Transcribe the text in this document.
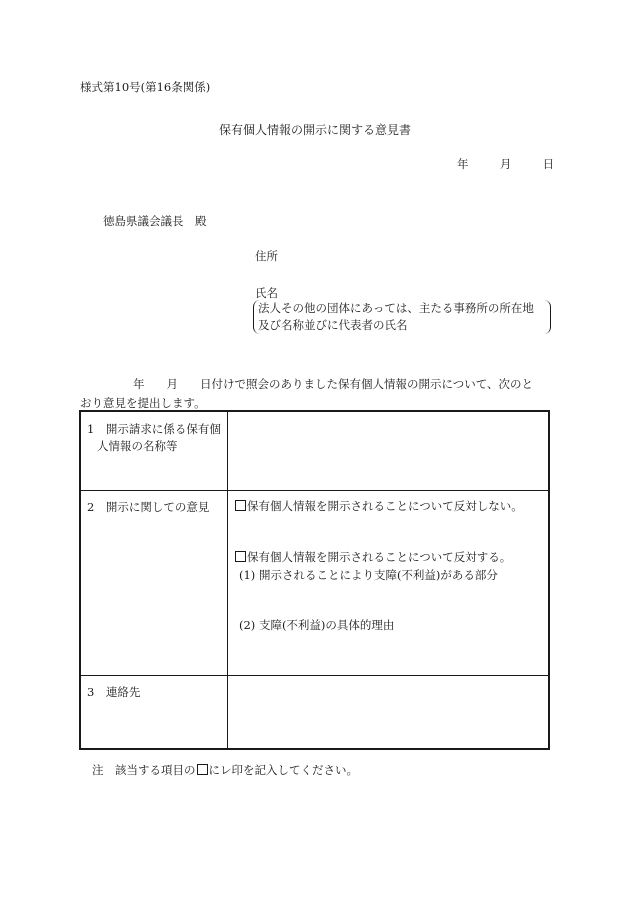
様式第10号(第16条関係)
保有個人情報の開示に関する意見書
年	月	日
徳島県議会議長　殿
住所
氏名
法人その他の団体にあっては、主たる事務所の所在地
及び名称並びに代表者の氏名
年 月 日付けで照会のありました保有個人情報の開示について、次のと
おり意見を提出します。
1　開示請求に係る保有個
人情報の名称等
2　開示に関しての意見	保有個人情報を開示されることについて反対しない。
保有個人情報を開示されることについて反対する。
(1) 開示されることにより支障(不利益)がある部分
(2) 支障(不利益)の具体的理由
3　連絡先
注　該当する項目の にレ印を記入してください。
